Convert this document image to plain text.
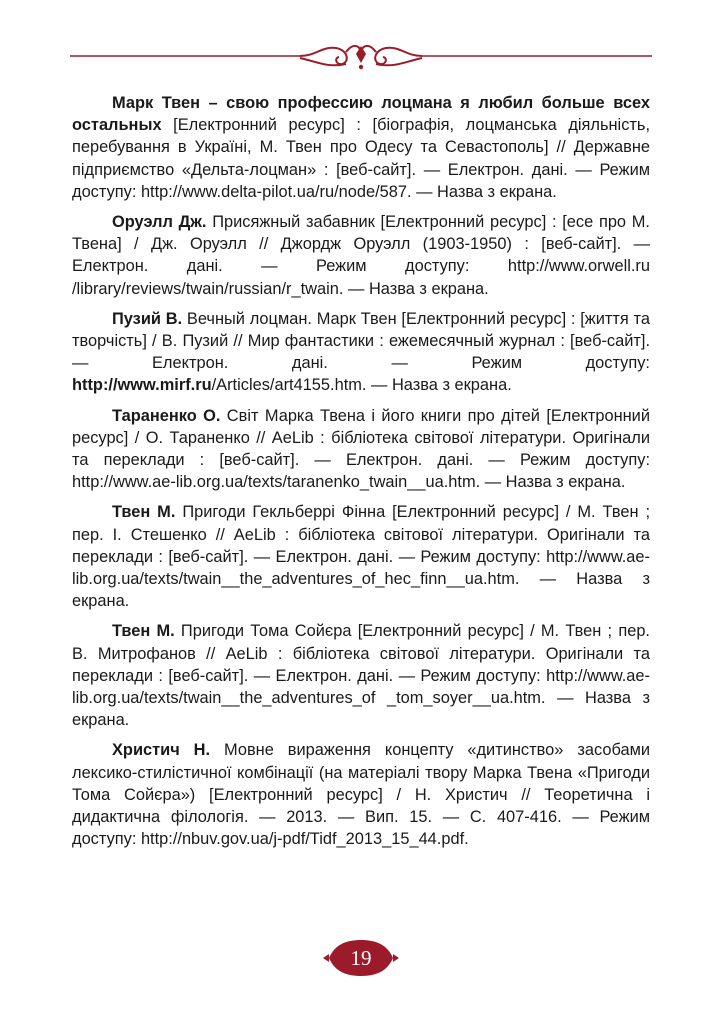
Марк Твен – свою профессию лоцмана я любил больше всех остальных [Електронний ресурс] : [біографія, лоцманська діяльність, перебування в Україні, М. Твен про Одесу та Севастополь] // Державне підприємство «Дельта-лоцман» : [веб-сайт]. — Електрон. дані. — Режим доступу: http://www.delta-pilot.​ua/ru/node/587. — Назва з екрана.

Оруэлл Дж. Присяжный забавник [Електронний ресурс] : [есе про М. Твена] / Дж. Оруэлл // Джордж Оруэлл (1903-1950) : [веб-сайт]. — Електрон. дані. — Режим доступу: http://www.​orwell.ru /library/reviews/twain/russian/r_twain. — Назва з екрана.

Пузий В. Вечный лоцман. Марк Твен [Електронний ресурс] : [життя та творчість] / В. Пузий // Мир фантастики : ежемесячный журнал : [веб-сайт]. — Електрон. дані. — Режим доступу: http://www.mirf.ru/Articles/art4155.htm. — Назва з екрана.

Тараненко О. Світ Марка Твена і його книги про дітей [Електронний ресурс] / О. Тараненко // AeLib : бібліотека світової літератури. Оригінали та переклади : [веб-сайт]. — Електрон. дані. — Режим доступу: http://www.ae-lib.org.ua/texts/taranenko_​twain__ua.htm. — Назва з екрана.

Твен М. Пригоди Гекльберрі Фінна [Електронний ресурс] / М. Твен ; пер. І. Стешенко // AeLib : бібліотека світової літератури. Оригінали та переклади : [веб-сайт]. — Електрон. дані. — Режим доступу: http://www.ae-lib.org.ua/texts/twain__the_adventures_of​_hec_finn__ua.htm. — Назва з екрана.

Твен М. Пригоди Тома Сойєра [Електронний ресурс] / М. Твен ; пер. В. Митрофанов // AeLib : бібліотека світової літератури. Оригінали та переклади : [веб-сайт]. — Електрон. дані. — Режим доступу: http://www.ae-lib.org.ua/texts/twain__​the_adventures_of _tom_soyer__ua.htm. — Назва з екрана.

Христич Н. Мовне вираження концепту «дитинство» засобами лексико-стилістичної комбінації (на матеріалі твору Марка Твена «Пригоди Тома Сойєра») [Електронний ресурс] / Н. Христич // Теоретична і дидактична філологія. — 2013. — Вип. 15. — С. 407-416. — Режим доступу: http://nbuv.gov.ua/j-pdf/​Tidf_2013_15_44.pdf.

19
